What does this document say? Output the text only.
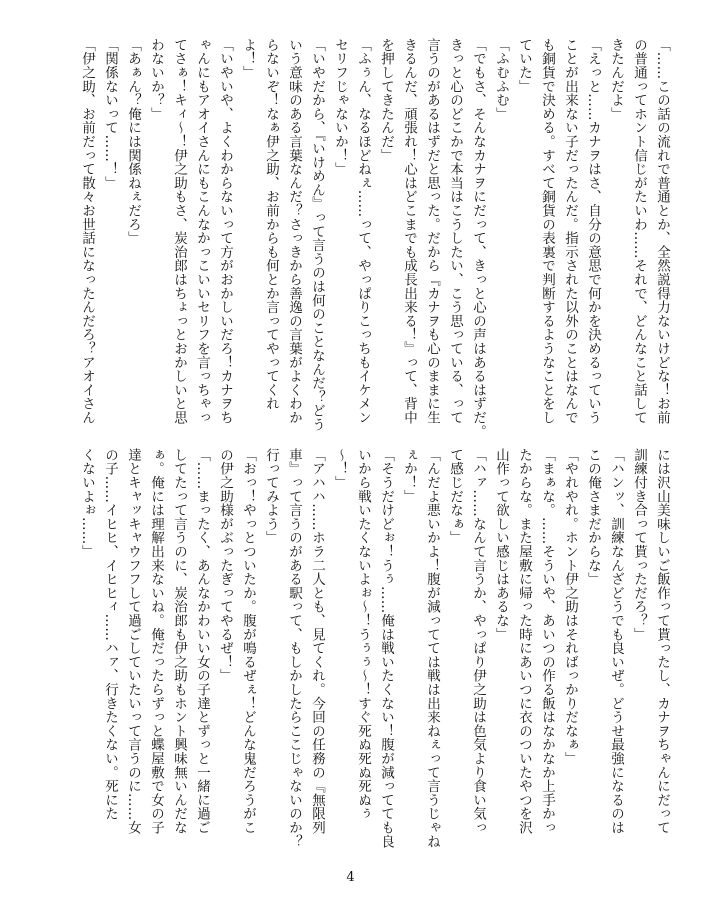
「……この話の流れで普通とか、全然説得力ないけどな！お前
の普通ってホント信じがたいわ……それで、どんなこと話して
きたんだよ」
「えっと……カナヲはさ、自分の意思で何かを決めるっていう
ことが出来ない子だったんだ。指示された以外のことはなんで
も銅貨で決める。すべて銅貨の表裏で判断するようなことをし
ていた」
「ふむふむ」
「でもさ、そんなカナヲにだって、きっと心の声はあるはずだ。
きっと心のどこかで本当はこうしたい、こう思っている、って
言うのがあるはずだと思った。だから『カナヲも心のままに生
きるんだ、頑張れ！心はどこまでも成長出来る！』って、背中
を押してきたんだ」
「ふぅん、なるほどねぇ……って、やっぱりこっちもイケメン
セリフじゃないか！」
「いやだから、『いけめん』って言うのは何のことなんだ？どう
いう意味のある言葉なんだ？さっきから善逸の言葉がよくわか
らないぞ！なぁ伊之助、お前からも何とか言ってやってくれ
よ！」
「いやいや、よくわからないって方がおかしいだろ！カナヲち
ゃんにもアオイさんにもこんなかっこいいセリフを言っちゃっ
てさぁ！キィ〜！伊之助もさ、炭治郎はちょっとおかしいと思
わないか？」
「あぁん？俺には関係ねぇだろ」
「関係ないって……！」
「伊之助、お前だって散々お世話になったんだろ？アオイさん
には沢山美味しいご飯作って貰ったし、カナヲちゃんにだって
訓練付き合って貰っただろ？」
「ハンッ、訓練なんざどうでも良いぜ。どうせ最強になるのは
この俺さまだからな」
「やれやれ。ホント伊之助はそればっかりだなぁ」
「まぁな。……そういや、あいつの作る飯はなかなか上手かっ
たからな。また屋敷に帰った時にあいつに衣のついたやつを沢
山作って欲しい感じはあるな」
「ハァ……なんて言うか、やっぱり伊之助は色気より食い気っ
て感じだなぁ」
「んだよ悪いかよ！腹が減ってては戦は出来ねぇって言うじゃね
ぇか！」
「そうだけどぉ！うぅ……俺は戦いたくない！腹が減ってても良
いから戦いたくないよぉ〜！うぅぅ〜！すぐ死ぬ死ぬ死ぬぅ
〜！」
「アハハ……ホラ二人とも、見てくれ。今回の任務の『無限列
車』って言うのがある駅って、もしかしたらここじゃないのか？
行ってみよう」
「おっ！やっとついたか。腹が鳴るぜぇ！どんな鬼だろうがこ
の伊之助様がぶったぎってやるぜ！」
「……まったく、あんなかわいい女の子達とずっと一緒に過ご
してたって言うのに、炭治郎も伊之助もホント興味無いんだな
ぁ。俺には理解出来ないね。俺だったらずっと蝶屋敷で女の子
達とキャッキャウフフして過ごしていたいって言うのに……女
の子……イヒヒ、イヒヒィ……ハァ、行きたくない。死にた
くないよぉ……」
4
